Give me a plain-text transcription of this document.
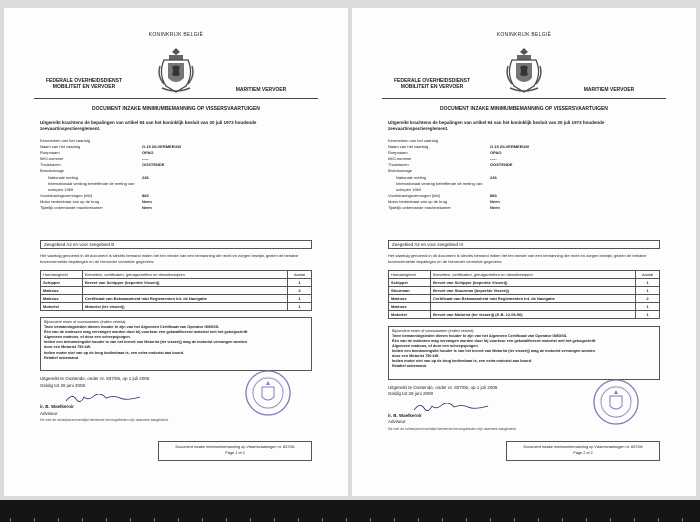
KONINKRIJK BELGIË
FEDERALE OVERHEIDSDIENST
MOBILITEIT EN VERVOER	MARITIEM VERVOER
DOCUMENT INZAKE MINIMUMBEMANNING OP VISSERSVAARTUIGEN
Uitgereikt krachtens de bepalingen van artikel 94 van het koninklijk besluit van 20 juli 1973 houdende zeevaartinspectiereglement.
Kenmerken van het vaartuig
Naam van het vaartuig	O.15 ZILVERMEEUW
Roepnaam	OPAO
IMO-nummer	-----
Thuishaven	OOSTENDE
Brutotonnage
Nationale meting	236
Internationaal verdrag betreffende de meting van schepen 1969
Voortstuwingsvermogen (kW)	883
Motor bedienbaar van op de brug	Neen
Tijdelijk onbemande machinekamer	Neen
Zeegebied A2 en voor zeegebied B
Het vaartuig genoemd in dit document is slechts bemand indien het ten minste van een bemanning die recht en zorgen bewijst, gezien de behalve bovenvermelde bepalingen en de hieronder vermelde gegevens:
Hoedanigheid	Brevetten, certificaten, getuigschriften en dienstbewijzen	Aantal
Schipper	Brevet van Schipper (beperkte Visserij)	1
Matroos		2
Matroos	Certificaat van Bekwaamheid mbt Reglementen int. de Navigatie	1
Motorist	Motorist (ter visserij)	1
Bijzondere eisen of voorwaarden (indien vereist):
Twee bemanningsleden dienen houder te zijn van het Algemeen Certificaat van Operator GMDSS.
Één van de matrozen mag vervangen worden door bij voorkeur een gekwalificeerd motorist met het getuigschrift
Algemeen matroos, of door een scheepsjongen.
Indien een bemanningslid houder is van het brevet van Motorist (ter visserij) mag de motorist vervangen worden
door een Motorist 750 kW.
Indien motor niet van op de brug bedienbaar is, een extra motorist aan boord.
Relatief onbemand.
Uitgereikt te Oostende, onder nr. 837/06, op 1 juli 2006
Geldig tot 28 juni 2008
ir. B. Waelkeroir
Adviseur
De met de scheepsvervoerslijst beheerde bevoegdheden zijn daarmee aangesteld.
Document inzake minimumbemanning op Vissersvaartuigen nr. 837/06
Page 1 of 2
KONINKRIJK BELGIË
FEDERALE OVERHEIDSDIENST
MOBILITEIT EN VERVOER	MARITIEM VERVOER
DOCUMENT INZAKE MINIMUMBEMANNING OP VISSERSVAARTUIGEN
Uitgereikt krachtens de bepalingen van artikel 94 van het koninklijk besluit van 20 juli 1973 houdende zeevaartinspectiereglement.
Kenmerken van het vaartuig
Naam van het vaartuig	O.15 ZILVERMEEUW
Roepnaam	OPAO
IMO-nummer	-----
Thuishaven	OOSTENDE
Brutotonnage
Nationale meting	236
Internationaal verdrag betreffende de meting van schepen 1969
Voortstuwingsvermogen (kW)	883
Motor bedienbaar van op de brug	Neen
Tijdelijk onbemande machinekamer	Neen
Zeegebied A2 en voor zeegebied III
Het vaartuig genoemd in dit document is slechts bemand indien het ten minste van een bemanning die recht en zorgen bewijst, gezien de behalve bovenvermelde bepalingen en de hieronder vermelde gegevens:
Hoedanigheid	Brevetten, certificaten, getuigschriften en dienstbewijzen	Aantal
Schipper	Brevet van Schipper (beperkte Visserij)	1
Stuurman	Brevet van Stuurman (beperkte Visserij)	1
Matroos	Certificaat van Bekwaamheid mbt Reglementen int. de Navigatie	2
Matroos		1
Motorist	Brevet van Motorist (ter visserij) (K.B. 12.06.96)	1
Bijzondere eisen of voorwaarden (indien vereist):
Twee bemanningsleden dienen houder te zijn van het Algemeen Certificaat van Operator GMDSS.
Één van de matrozen mag vervangen worden door bij voorkeur een gekwalificeerd motorist met het getuigschrift
Algemeen matroos, of door een scheepsjongen.
Indien een bemanningslid houder is van het brevet van Motorist (ter visserij) mag de motorist vervangen worden
door een Motorist 750 kW.
Indien motor niet van op de brug bedienbaar is, een extra motorist aan boord.
Relatief onbemand.
Uitgereikt te Oostende, onder nr. 837/06, op 1 juli 2006
Geldig tot 28 juni 2008
ir. B. Waelkeroir
Adviseur
De met de scheepsvervoerslijst beheerde bevoegdheden zijn daarmee aangesteld.
Document inzake minimumbemanning op Vissersvaartuigen nr. 837/06
Page 2 of 2
